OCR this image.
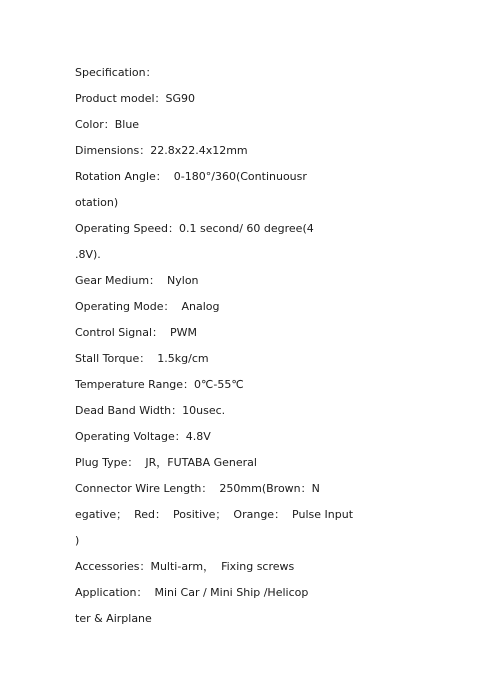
Specification：
Product model：SG90
Color：Blue
Dimensions：22.8x22.4x12mm
Rotation Angle：  0-180°/360(Continuousr
otation)
Operating Speed：0.1 second/ 60 degree(4
.8V).
Gear Medium：  Nylon
Operating Mode：  Analog
Control Signal：  PWM
Stall Torque：  1.5kg/cm
Temperature Range：0℃-55℃
Dead Band Width：10usec.
Operating Voltage：4.8V
Plug Type：  JR，FUTABA General
Connector Wire Length：  250mm(Brown：N
egative；  Red：  Positive；  Orange：  Pulse Input
)
Accessories：Multi-arm，  Fixing screws
Application：  Mini Car / Mini Ship /Helicop
ter & Airplane
